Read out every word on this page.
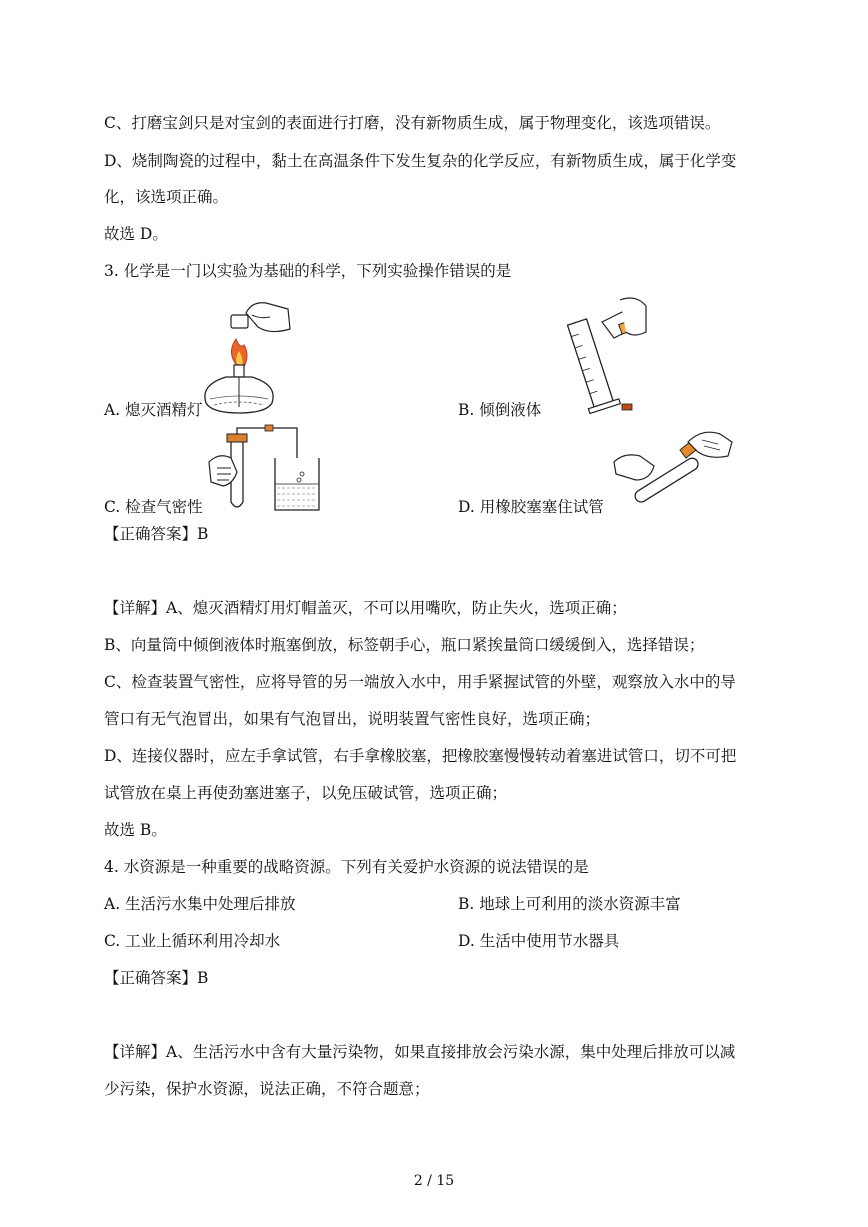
C、打磨宝剑只是对宝剑的表面进行打磨，没有新物质生成，属于物理变化，该选项错误。
D、烧制陶瓷的过程中，黏土在高温条件下发生复杂的化学反应，有新物质生成，属于化学变
化，该选项正确。
故选 D。
3. 化学是一门以实验为基础的科学，下列实验操作错误的是
A. 熄灭酒精灯	B. 倾倒液体
C. 检查气密性	D. 用橡胶塞塞住试管
【正确答案】B
【详解】A、熄灭酒精灯用灯帽盖灭，不可以用嘴吹，防止失火，选项正确；
B、向量筒中倾倒液体时瓶塞倒放，标签朝手心，瓶口紧挨量筒口缓缓倒入，选择错误；
C、检查装置气密性，应将导管的另一端放入水中，用手紧握试管的外壁，观察放入水中的导
管口有无气泡冒出，如果有气泡冒出，说明装置气密性良好，选项正确；
D、连接仪器时，应左手拿试管，右手拿橡胶塞，把橡胶塞慢慢转动着塞进试管口，切不可把
试管放在桌上再使劲塞进塞子，以免压破试管，选项正确；
故选 B。
4. 水资源是一种重要的战略资源。下列有关爱护水资源的说法错误的是
A. 生活污水集中处理后排放	B. 地球上可利用的淡水资源丰富
C. 工业上循环利用冷却水	D. 生活中使用节水器具
【正确答案】B
【详解】A、生活污水中含有大量污染物，如果直接排放会污染水源，集中处理后排放可以减
少污染，保护水资源，说法正确，不符合题意；
2 / 15
